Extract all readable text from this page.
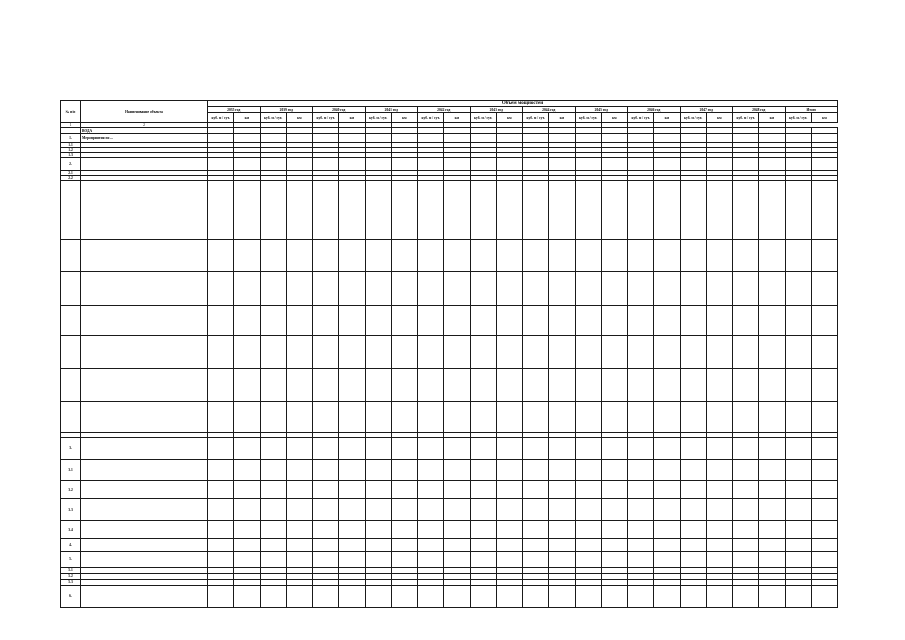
№ п/п	Наименование объекта	Объем мощностей																							
		2035 год		2039 год		2040 год		2041 год		2042 год		2043 год		2044 год		2045 год		2046 год		2047 год		2048 год		Итого	
		куб. м / сут.	км	куб. м / сут.	км	куб. м / сут.	км	куб. м / сут.	км	куб. м / сут.	км	куб. м / сут.	км	куб. м / сут.	км	куб. м / сут.	км	куб. м / сут.	км	куб. м / сут.	км	куб. м / сут.	км	куб. м / сут.	км
1	2																								
	ВОДА																								
1.	Мероприятия по ...																								
1.1																									
1.2																									
1.3																									
2.																									
2.1																									
2.2																									

3.																									
3.1																									
3.2																									
3.3																									
3.4																									
4.																									
5.																									
5.1																									
5.2																									
5.3																									
6.																									
